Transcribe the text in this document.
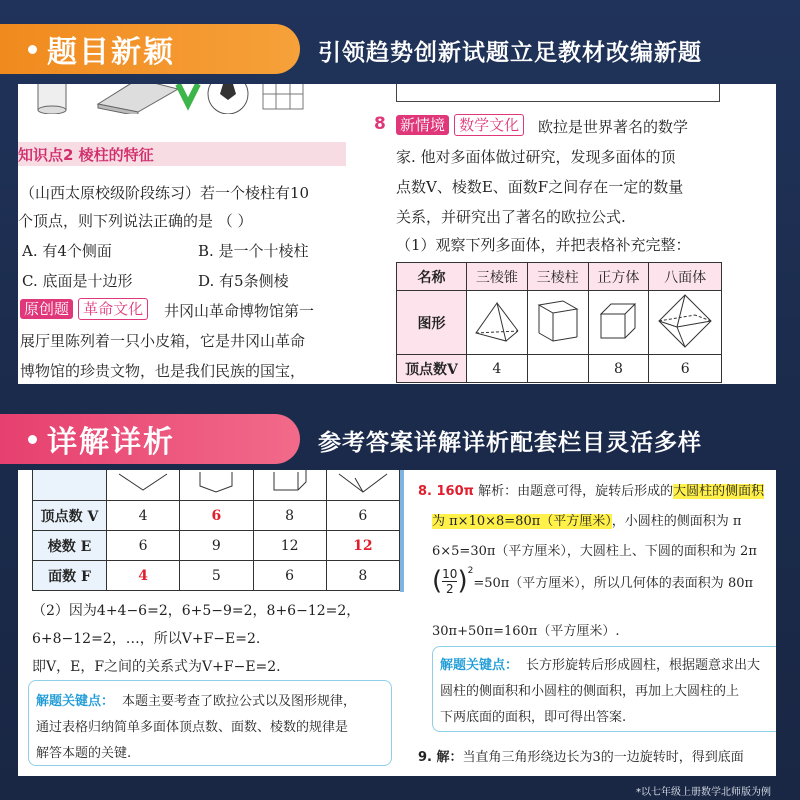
题目新颖	引领趋势创新试题立足教材改编新题
知识点2 棱柱的特征
（山西太原校级阶段练习）若一个棱柱有10
个顶点，则下列说法正确的是 （ ）
A. 有4个侧面	B. 是一个十棱柱
C. 底面是十边形	D. 有5条侧棱
原创题 革命文化	井冈山革命博物馆第一
展厅里陈列着一只小皮箱，它是井冈山革命
博物馆的珍贵文物，也是我们民族的国宝，
8 新情境 数学文化	欧拉是世界著名的数学
家. 他对多面体做过研究，发现多面体的顶
点数V、棱数E、面数F之间存在一定的数量
关系，并研究出了著名的欧拉公式.
（1）观察下列多面体，并把表格补充完整：
名称	三棱锥	三棱柱	正方体	八面体
图形				
顶点数V	4		8	6
详解详析	参考答案详解详析配套栏目灵活多样

顶点数 V	4	6	8	6
棱数 E	6	9	12	12
面数 F	4	5	6	8
（2）因为4+4−6=2，6+5−9=2，8+6−12=2，
6+8−12=2，…，所以V+F−E=2.
即V，E，F之间的关系式为V+F−E=2.
解题关键点： 本题主要考查了欧拉公式以及图形规律，
通过表格归纳简单多面体顶点数、面数、棱数的规律是
解答本题的关键.
8. 160π 解析：由题意可得，旋转后形成的大圆柱的侧面积
为 π×10×8=80π（平方厘米），小圆柱的侧面积为 π
6×5=30π（平方厘米），大圆柱上、下圆的面积和为 2π
( $\frac{10}{2} )^2$
=50π（平方厘米），所以几何体的表面积为 80π
30π+50π=160π（平方厘米）.
解题关键点： 长方形旋转后形成圆柱，根据题意求出大
圆柱的侧面积和小圆柱的侧面积，再加上大圆柱的上
下两底面的面积，即可得出答案.
9. 解：当直角三角形绕边长为3的一边旋转时，得到底面
*以七年级上册数学北师版为例
